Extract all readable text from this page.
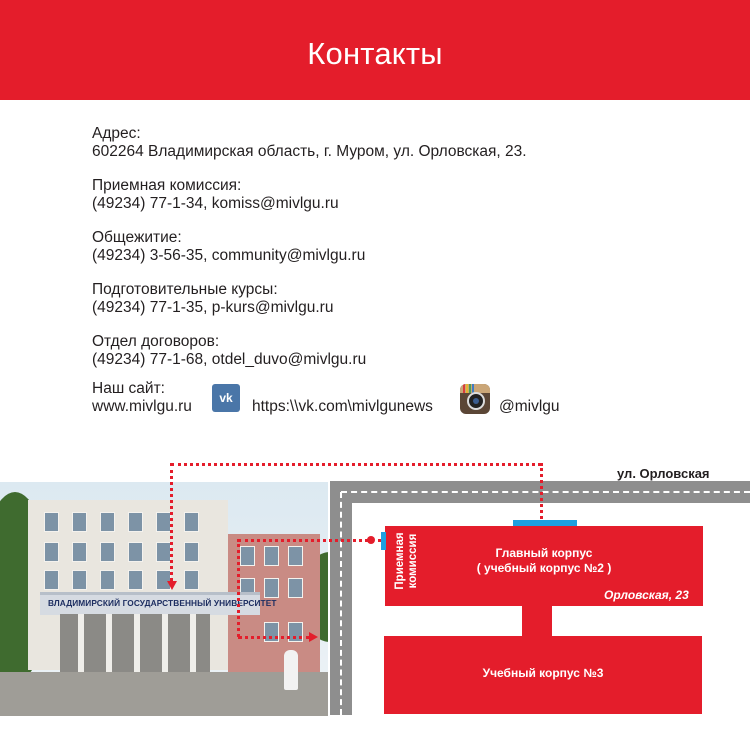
Контакты
Адрес:
602264 Владимирская область, г. Муром, ул. Орловская, 23.
Приемная комиссия:
(49234) 77-1-34, komiss@mivlgu.ru
Общежитие:
(49234) 3-56-35, community@mivlgu.ru
Подготовительные курсы:
(49234) 77-1-35, p-kurs@mivlgu.ru
Отдел договоров:
(49234) 77-1-68, otdel_duvo@mivlgu.ru
Наш сайт:
www.mivlgu.ru	vk	https:\\vk.com\mivlgunews	@mivlgu
ВЛАДИМИРСКИЙ ГОСУДАРСТВЕННЫЙ УНИВЕРСИТЕТ
ул. Орловская
Главный корпус
( учебный корпус №2 )
Орловская, 23
Учебный корпус №3
Приемная комиссия
